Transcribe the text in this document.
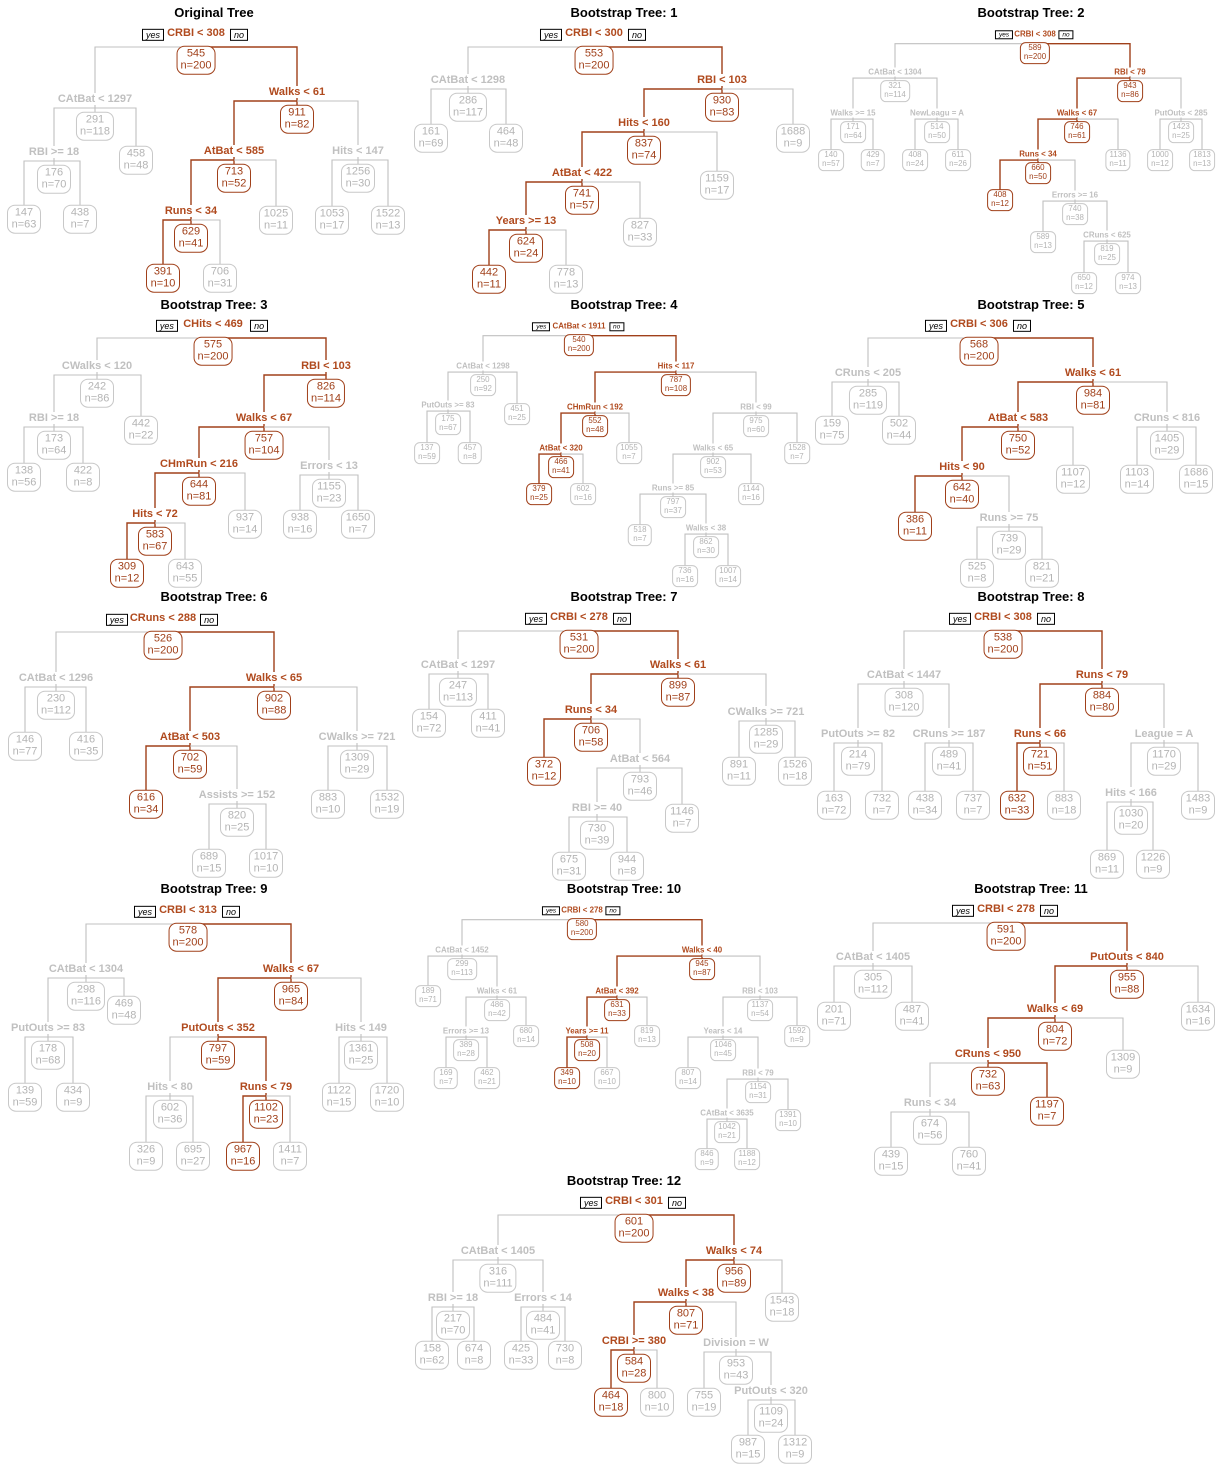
Original Tree
545
n=200
CRBI < 308
yes	no
291
n=118
CAtBat < 1297
176
n=70
RBI >= 18
147
n=63
438
n=7
458
n=48
911
n=82
Walks < 61
713
n=52
AtBat < 585
629
n=41
Runs < 34
391
n=10
706
n=31
1025
n=11
1256
n=30
Hits < 147
1053
n=17
1522
n=13
Bootstrap Tree: 1
553
n=200
CRBI < 300
yes	no
286
n=117
CAtBat < 1298
161
n=69
464
n=48
930
n=83
RBI < 103
837
n=74
Hits < 160
741
n=57
AtBat < 422
624
n=24
Years >= 13
442
n=11
778
n=13
827
n=33
1159
n=17
1688
n=9
Bootstrap Tree: 2
589
n=200
CRBI < 308
yes	no
321
n=114
CAtBat < 1304
171
n=64
Walks >= 15
140
n=57
429
n=7
514
n=50
NewLeagu = A
408
n=24
611
n=26
943
n=86
RBI < 79
746
n=61
Walks < 67
660
n=50
Runs < 34
408
n=12
740
n=38
Errors >= 16
589
n=13	819
n=25
CRuns < 625
650
n=12
974
n=13
1136
n=11
1423
n=25
PutOuts < 285
1000
n=12
1813
n=13
Bootstrap Tree: 3
575
n=200
CHits < 469
yes	no
242
n=86
CWalks < 120
173
n=64
RBI >= 18
138
n=56
422
n=8
442
n=22
826
n=114
RBI < 103
757
n=104
Walks < 67
644
n=81
CHmRun < 216
583
n=67
Hits < 72
309
n=12
643
n=55
937
n=14
1155
n=23
Errors < 13
938
n=16
1650
n=7
Bootstrap Tree: 4
540
n=200
CAtBat < 1911
yes	no
250
n=92
CAtBat < 1298
175
n=67
PutOuts >= 83
137
n=59
457
n=8
451
n=25
787
n=108
Hits < 117
552
n=48
CHmRun < 192
466
n=41
AtBat < 320
379
n=25
602
n=16
1055
n=7
975
n=60
RBI < 99
902
n=53
Walks < 65
797
n=37
Runs >= 85
518
n=7	862
n=30
Walks < 38
736
n=16
1007
n=14
1144
n=16
1528
n=7
Bootstrap Tree: 5
568
n=200
CRBI < 306
yes	no
285
n=119
CRuns < 205
159
n=75
502
n=44
984
n=81
Walks < 61
750
n=52
AtBat < 583
642
n=40
Hits < 90
386
n=11
739
n=29
Runs >= 75
525
n=8
821
n=21
1107
n=12
1405
n=29
CRuns < 816
1103
n=14
1686
n=15
Bootstrap Tree: 6
526
n=200
CRuns < 288
yes	no
230
n=112
CAtBat < 1296
146
n=77
416
n=35
902
n=88
Walks < 65
702
n=59
AtBat < 503
616
n=34	820
n=25
Assists >= 152
689
n=15
1017
n=10
1309
n=29
CWalks >= 721
883
n=10
1532
n=19
Bootstrap Tree: 7
531
n=200
CRBI < 278
yes	no
247
n=113
CAtBat < 1297
154
n=72
411
n=41
899
n=87
Walks < 61
706
n=58
Runs < 34
372
n=12	793
n=46
AtBat < 564
730
n=39
RBI >= 40
675
n=31
944
n=8
1146
n=7
1285
n=29
CWalks >= 721
891
n=11
1526
n=18
Bootstrap Tree: 8
538
n=200
CRBI < 308
yes	no
308
n=120
CAtBat < 1447
214
n=79
PutOuts >= 82
163
n=72
732
n=7
489
n=41
CRuns >= 187
438
n=34
737
n=7
884
n=80
Runs < 79
721
n=51
Runs < 66
632
n=33
883
n=18
1170
n=29
League = A
1030
n=20
Hits < 166
869
n=11
1226
n=9
1483
n=9
Bootstrap Tree: 9
578
n=200
CRBI < 313
yes	no
298
n=116
CAtBat < 1304
178
n=68
PutOuts >= 83
139
n=59
434
n=9
469
n=48
965
n=84
Walks < 67
797
n=59
PutOuts < 352
602
n=36
Hits < 80
326
n=9
695
n=27
1102
n=23
Runs < 79
967
n=16
1411
n=7
1361
n=25
Hits < 149
1122
n=15
1720
n=10
Bootstrap Tree: 10
580
n=200
CRBI < 278
yes	no
299
n=113
CAtBat < 1452
189
n=71
486
n=42
Walks < 61
389
n=28
Errors >= 13
169
n=7
462
n=21
680
n=14
945
n=87
Walks < 40
631
n=33
AtBat < 392
508
n=20
Years >= 11
349
n=10
667
n=10
819
n=13
1137
n=54
RBI < 103
1046
n=45
Years < 14
807
n=14
1154
n=31
RBI < 79
1042
n=21
CAtBat < 3635
846
n=9
1188
n=12
1391
n=10
1592
n=9
Bootstrap Tree: 11
591
n=200
CRBI < 278
yes	no
305
n=112
CAtBat < 1405
201
n=71
487
n=41
955
n=88
PutOuts < 840
804
n=72
Walks < 69
732
n=63
CRuns < 950
674
n=56
Runs < 34
439
n=15
760
n=41
1197
n=7
1309
n=9
1634
n=16
Bootstrap Tree: 12
601
n=200
CRBI < 301
yes	no
316
n=111
CAtBat < 1405
217
n=70
RBI >= 18
158
n=62
674
n=8
484
n=41
Errors < 14
425
n=33
730
n=8
956
n=89
Walks < 74
807
n=71
Walks < 38
584
n=28
CRBI >= 380
464
n=18
800
n=10
953
n=43
Division = W
755
n=19	1109
n=24
PutOuts < 320
987
n=15
1312
n=9
1543
n=18
